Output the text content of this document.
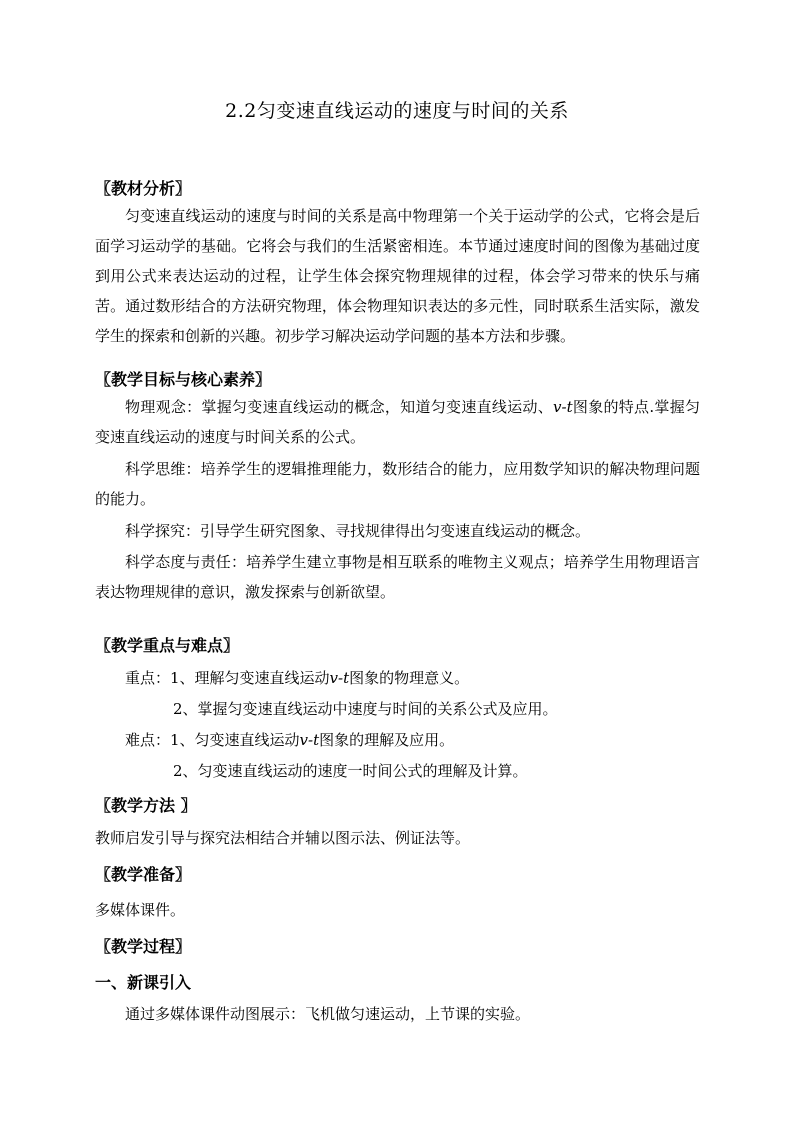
2.2匀变速直线运动的速度与时间的关系
〖教材分析〗

匀变速直线运动的速度与时间的关系是高中物理第一个关于运动学的公式，它将会是后面学习运动学的基础。它将会与我们的生活紧密相连。本节通过速度时间的图像为基础过度到用公式来表达运动的过程，让学生体会探究物理规律的过程，体会学习带来的快乐与痛苦。通过数形结合的方法研究物理，体会物理知识表达的多元性，同时联系生活实际，激发学生的探索和创新的兴趣。初步学习解决运动学问题的基本方法和步骤。

〖教学目标与核心素养〗

物理观念：掌握匀变速直线运动的概念，知道匀变速直线运动、v-t图象的特点.掌握匀变速直线运动的速度与时间关系的公式。

科学思维：培养学生的逻辑推理能力，数形结合的能力，应用数学知识的解决物理问题的能力。

科学探究：引导学生研究图象、寻找规律得出匀变速直线运动的概念。

科学态度与责任：培养学生建立事物是相互联系的唯物主义观点；培养学生用物理语言表达物理规律的意识，激发探索与创新欲望。

〖教学重点与难点〗
重点：1、理解匀变速直线运动v-t图象的物理意义。
2、掌握匀变速直线运动中速度与时间的关系公式及应用。
难点：1、匀变速直线运动v-t图象的理解及应用。
2、匀变速直线运动的速度一时间公式的理解及计算。
〖教学方法 〗
教师启发引导与探究法相结合并辅以图示法、例证法等。
〖教学准备〗
多媒体课件。
〖教学过程〗
一、新课引入
通过多媒体课件动图展示：飞机做匀速运动，上节课的实验。
